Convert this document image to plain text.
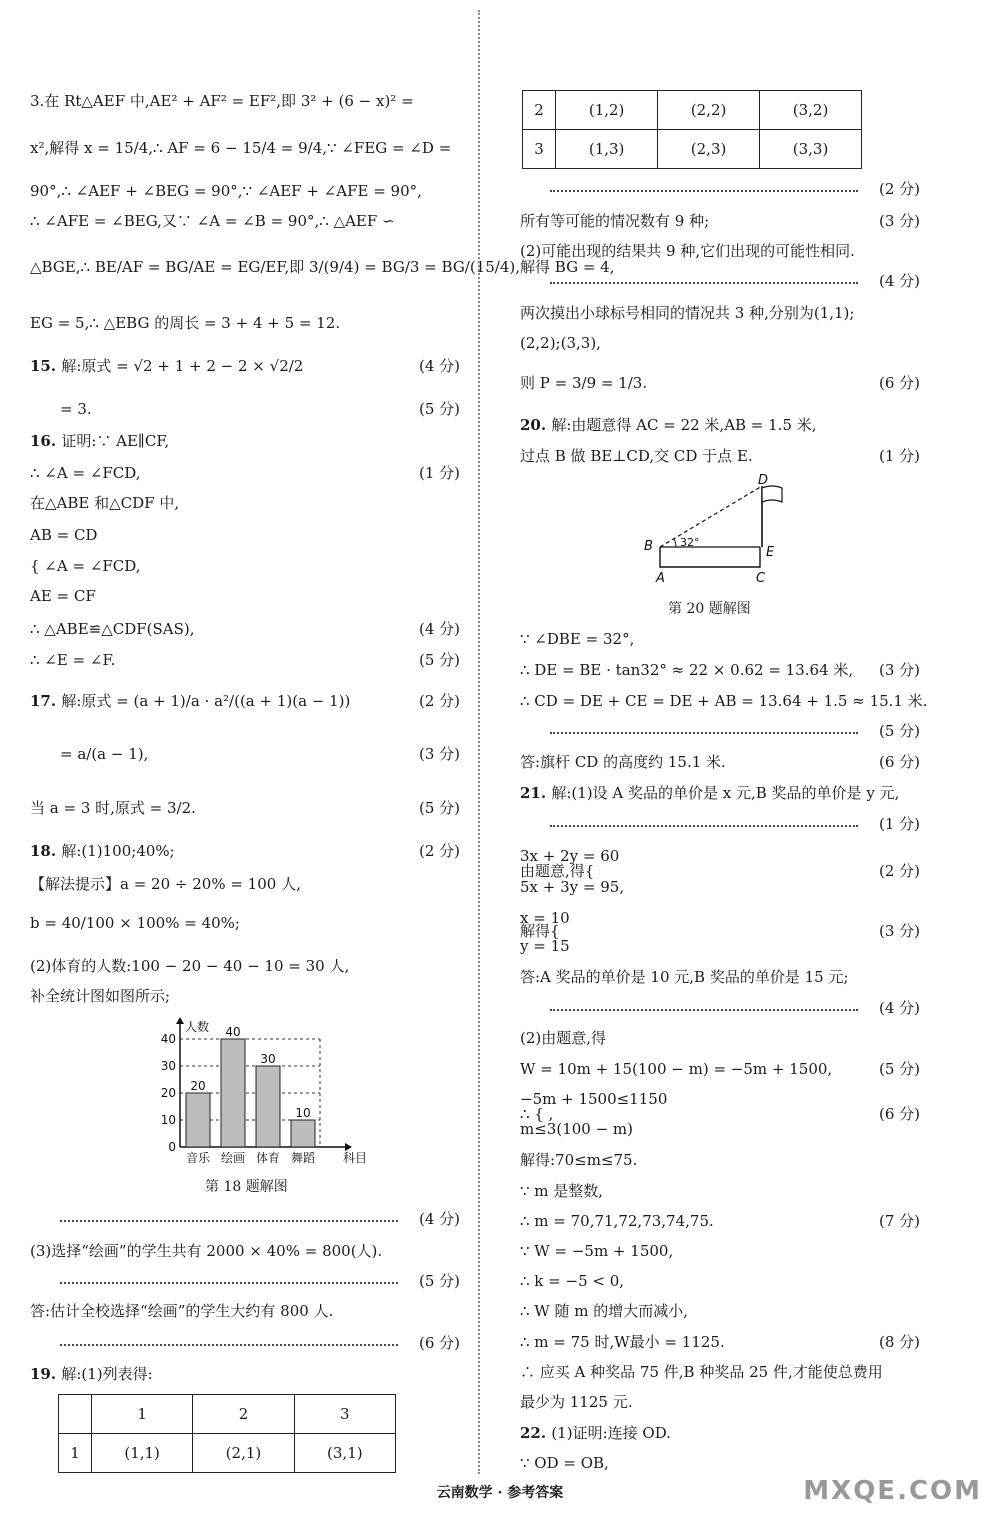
3.在 Rt△AEF 中,AE² + AF² = EF²,即 3² + (6 − x)² =
x²,解得 x = 15/4,∴ AF = 6 − 15/4 = 9/4,∵ ∠FEG = ∠D =
90°,∴ ∠AEF + ∠BEG = 90°,∵ ∠AEF + ∠AFE = 90°,
∴ ∠AFE = ∠BEG,又∵ ∠A = ∠B = 90°,∴ △AEF ∽
△BGE,∴ BE/AF = BG/AE = EG/EF,即 3/(9/4) = BG/3 = BG/(15/4),解得 BG = 4,
EG = 5,∴ △EBG 的周长 = 3 + 4 + 5 = 12.
15. 解:原式 = √2 + 1 + 2 − 2 × √2/2	(4 分)
= 3.	(5 分)
16. 证明:∵ AE∥CF,
∴ ∠A = ∠FCD,	(1 分)
在△ABE 和△CDF 中,
AB = CD
{ ∠A = ∠FCD,
AE = CF
∴ △ABE≌△CDF(SAS),	(4 分)
∴ ∠E = ∠F.	(5 分)
17. 解:原式 = (a + 1)/a · a²/((a + 1)(a − 1))	(2 分)
= a/(a − 1),	(3 分)
当 a = 3 时,原式 = 3/2.	(5 分)
18. 解:(1)100;40%;	(2 分)
【解法提示】a = 20 ÷ 20% = 100 人,
b = 40/100 × 100% = 40%;
(2)体育的人数:100 − 20 − 40 − 10 = 30 人,
补全统计图如图所示;
(4 分)
(3)选择“绘画”的学生共有 2000 × 40% = 800(人).
(5 分)
答:估计全校选择“绘画”的学生大约有 800 人.
(6 分)
19. 解:(1)列表得:
(2 分)
所有等可能的情况数有 9 种;	(3 分)
(2)可能出现的结果共 9 种,它们出现的可能性相同.
(4 分)
两次摸出小球标号相同的情况共 3 种,分别为(1,1);
(2,2);(3,3),
则 P = 3/9 = 1/3.	(6 分)
20. 解:由题意得 AC = 22 米,AB = 1.5 米,
过点 B 做 BE⊥CD,交 CD 于点 E.	(1 分)
∵ ∠DBE = 32°,
∴ DE = BE · tan32° ≈ 22 × 0.62 = 13.64 米, (3 分)
∴ CD = DE + CE = DE + AB = 13.64 + 1.5 ≈ 15.1 米.
(5 分)
答:旗杆 CD 的高度约 15.1 米.	(6 分)
21. 解:(1)设 A 奖品的单价是 x 元,B 奖品的单价是 y 元,
(1 分)
3x + 2y = 60
由题意,得{	(2 分)
5x + 3y = 95,
x = 10
解得{	(3 分)
y = 15
答:A 奖品的单价是 10 元,B 奖品的单价是 15 元;
(4 分)
(2)由题意,得
W = 10m + 15(100 − m) = −5m + 1500,	(5 分)
−5m + 1500≤1150
∴ { ,	(6 分)
m≤3(100 − m)
解得:70≤m≤75.
∵ m 是整数,
∴ m = 70,71,72,73,74,75.	(7 分)
∵ W = −5m + 1500,
∴ k = −5 < 0,
∴ W 随 m 的增大而减小,
∴ m = 75 时,W最小 = 1125.	(8 分)
∴ 应买 A 种奖品 75 件,B 种奖品 25 件,才能使总费用
最少为 1125 元.
22. (1)证明:连接 OD.
∵ OD = OB,
2	(1,2)	(2,2)	(3,2)
3	(1,3)	(2,3)	(3,3)
	1	2	3
1	(1,1)	(2,1)	(3,1)
0
10
20
30
40
人数
20
音乐
40
绘画
30
体育
10
舞蹈 科目
第 18 题解图
B
A	C
D
E
32°
第 20 题解图
云南数学 · 参考答案	MXQE.COM
